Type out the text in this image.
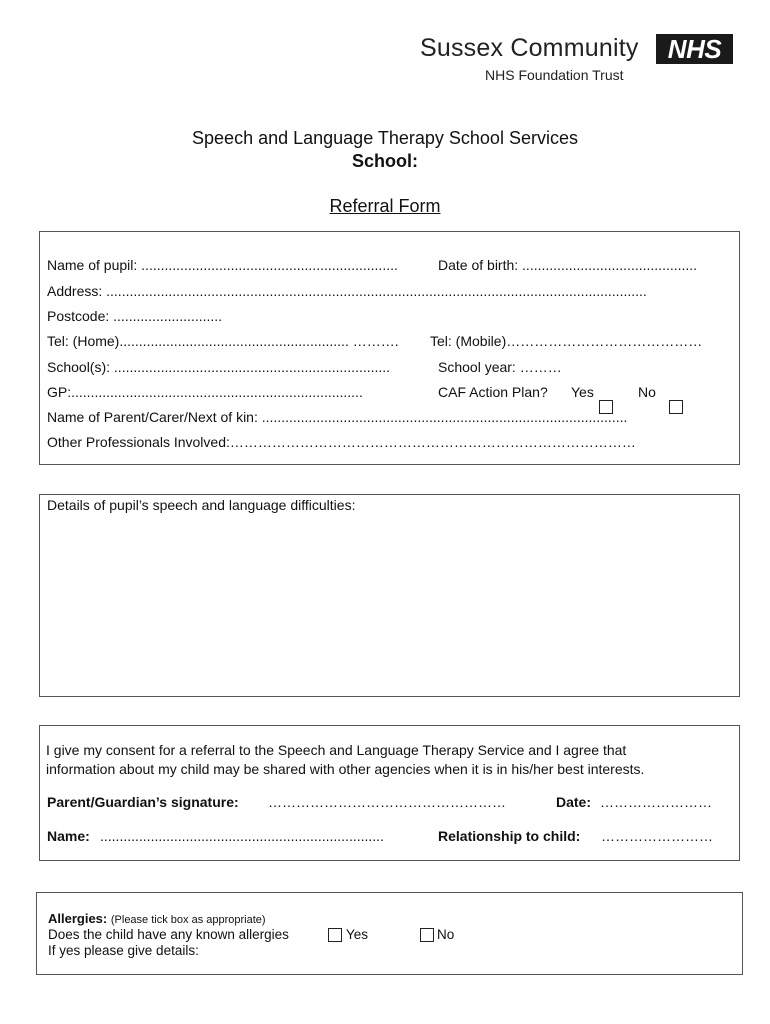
Sussex Community	NHS
NHS Foundation Trust
Speech and Language Therapy School Services
School:
Referral Form
Name of pupil: ..................................................................	Date of birth: .............................................
Address: ...........................................................................................................................................
Postcode: ............................
Tel: (Home)........................................................... ………. Tel: (Mobile)……………………………………
School(s): .......................................................................	School year: ………
GP:...........................................................................	CAF Action Plan? Yes	No
Name of Parent/Carer/Next of kin: ..............................................................................................
Other Professionals Involved:……………………………………………………………………………
Details of pupil’s speech and language difficulties:
I give my consent for a referral to the Speech and Language Therapy Service and I agree that
information about my child may be shared with other agencies when it is in his/her best interests.
Parent/Guardian’s signature: ……………………………………………	Date: ……………………
Name: .........................................................................	Relationship to child: ……………………
Allergies: (Please tick box as appropriate)
Does the child have any known allergies	Yes	No
If yes please give details:
